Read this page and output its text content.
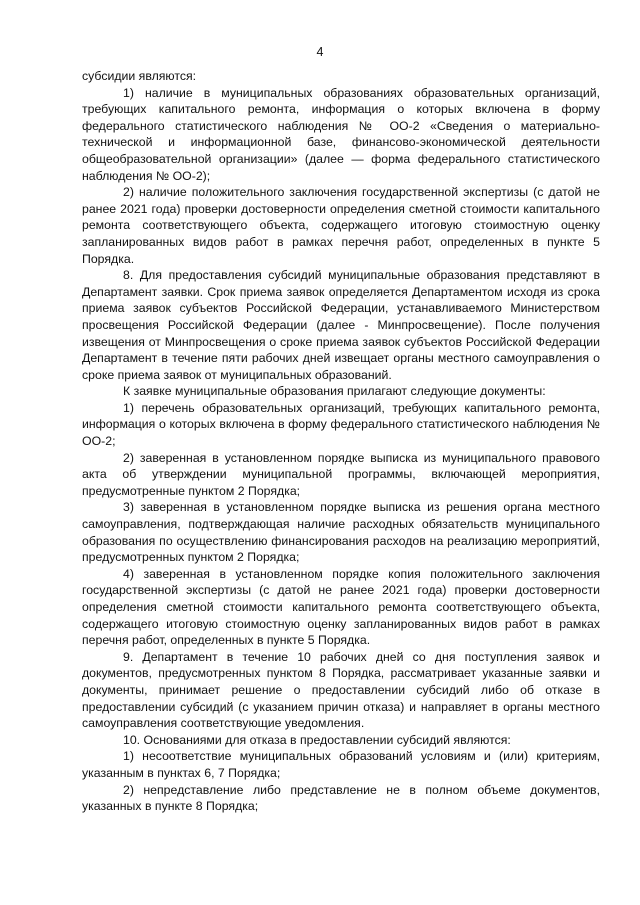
4

субсидии являются:

1) наличие в муниципальных образованиях образовательных организаций, требующих капитального ремонта, информация о которых включена в форму федерального статистического наблюдения № ОО-2 «Сведения о материально-технической и информационной базе, финансово-экономической деятельности общеобразовательной организации» (далее — форма федерального статистического наблюдения № ОО-2);

2) наличие положительного заключения государственной экспертизы (с датой не ранее 2021 года) проверки достоверности определения сметной стоимости капитального ремонта соответствующего объекта, содержащего итоговую стоимостную оценку запланированных видов работ в рамках перечня работ, определенных в пункте 5 Порядка.

8. Для предоставления субсидий муниципальные образования представляют в Департамент заявки. Срок приема заявок определяется Департаментом исходя из срока приема заявок субъектов Российской Федерации, устанавливаемого Министерством просвещения Российской Федерации (далее - Минпросвещение). После получения извещения от Минпросвещения о сроке приема заявок субъектов Российской Федерации Департамент в течение пяти рабочих дней извещает органы местного самоуправления о сроке приема заявок от муниципальных образований.

К заявке муниципальные образования прилагают следующие документы:

1) перечень образовательных организаций, требующих капитального ремонта, информация о которых включена в форму федерального статистического наблюдения № ОО-2;

2) заверенная в установленном порядке выписка из муниципального правового акта об утверждении муниципальной программы, включающей мероприятия, предусмотренные пунктом 2 Порядка;

3) заверенная в установленном порядке выписка из решения органа местного самоуправления, подтверждающая наличие расходных обязательств муниципального образования по осуществлению финансирования расходов на реализацию мероприятий, предусмотренных пунктом 2 Порядка;

4) заверенная в установленном порядке копия положительного заключения государственной экспертизы (с датой не ранее 2021 года) проверки достоверности определения сметной стоимости капитального ремонта соответствующего объекта, содержащего итоговую стоимостную оценку запланированных видов работ в рамках перечня работ, определенных в пункте 5 Порядка.

9. Департамент в течение 10 рабочих дней со дня поступления заявок и документов, предусмотренных пунктом 8 Порядка, рассматривает указанные заявки и документы, принимает решение о предоставлении субсидий либо об отказе в предоставлении субсидий (с указанием причин отказа) и направляет в органы местного самоуправления соответствующие уведомления.

10. Основаниями для отказа в предоставлении субсидий являются:

1) несоответствие муниципальных образований условиям и (или) критериям, указанным в пунктах 6, 7 Порядка;

2) непредставление либо представление не в полном объеме документов, указанных в пункте 8 Порядка;
